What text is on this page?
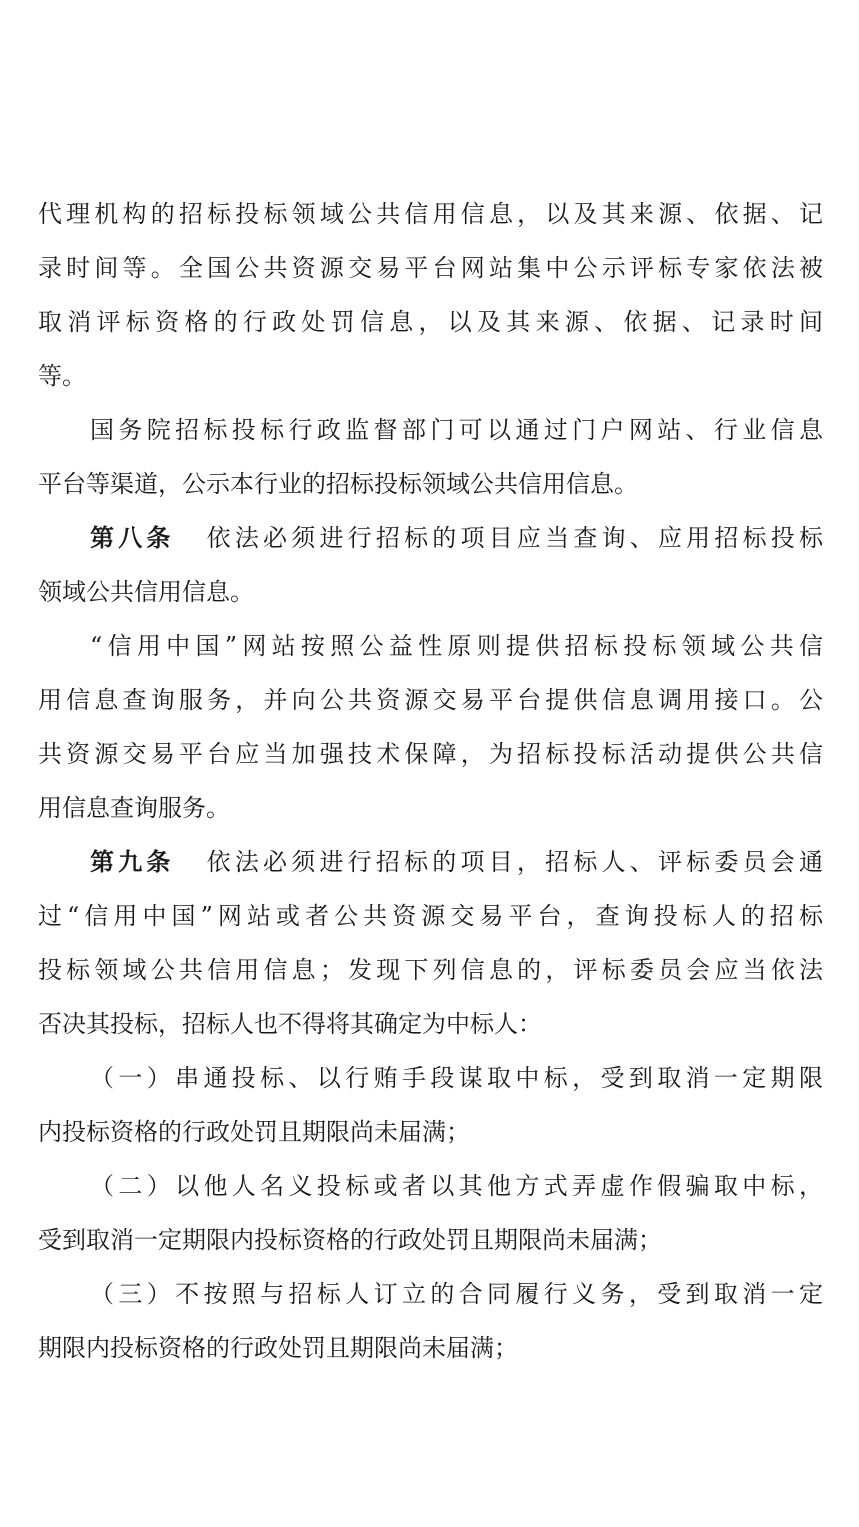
代理机构的招标投标领域公共信用信息，以及其来源、依据、记
录时间等。全国公共资源交易平台网站集中公示评标专家依法被
取消评标资格的行政处罚信息，以及其来源、依据、记录时间
等。
国务院招标投标行政监督部门可以通过门户网站、行业信息
平台等渠道，公示本行业的招标投标领域公共信用信息。
第八条 依法必须进行招标的项目应当查询、应用招标投标
领域公共信用信息。
“信用中国”网站按照公益性原则提供招标投标领域公共信
用信息查询服务，并向公共资源交易平台提供信息调用接口。公
共资源交易平台应当加强技术保障，为招标投标活动提供公共信
用信息查询服务。
第九条 依法必须进行招标的项目，招标人、评标委员会通
过“信用中国”网站或者公共资源交易平台，查询投标人的招标
投标领域公共信用信息；发现下列信息的，评标委员会应当依法
否决其投标，招标人也不得将其确定为中标人：
（一）串通投标、以行贿手段谋取中标，受到取消一定期限
内投标资格的行政处罚且期限尚未届满；
（二）以他人名义投标或者以其他方式弄虚作假骗取中标，
受到取消一定期限内投标资格的行政处罚且期限尚未届满；
（三）不按照与招标人订立的合同履行义务，受到取消一定
期限内投标资格的行政处罚且期限尚未届满；
